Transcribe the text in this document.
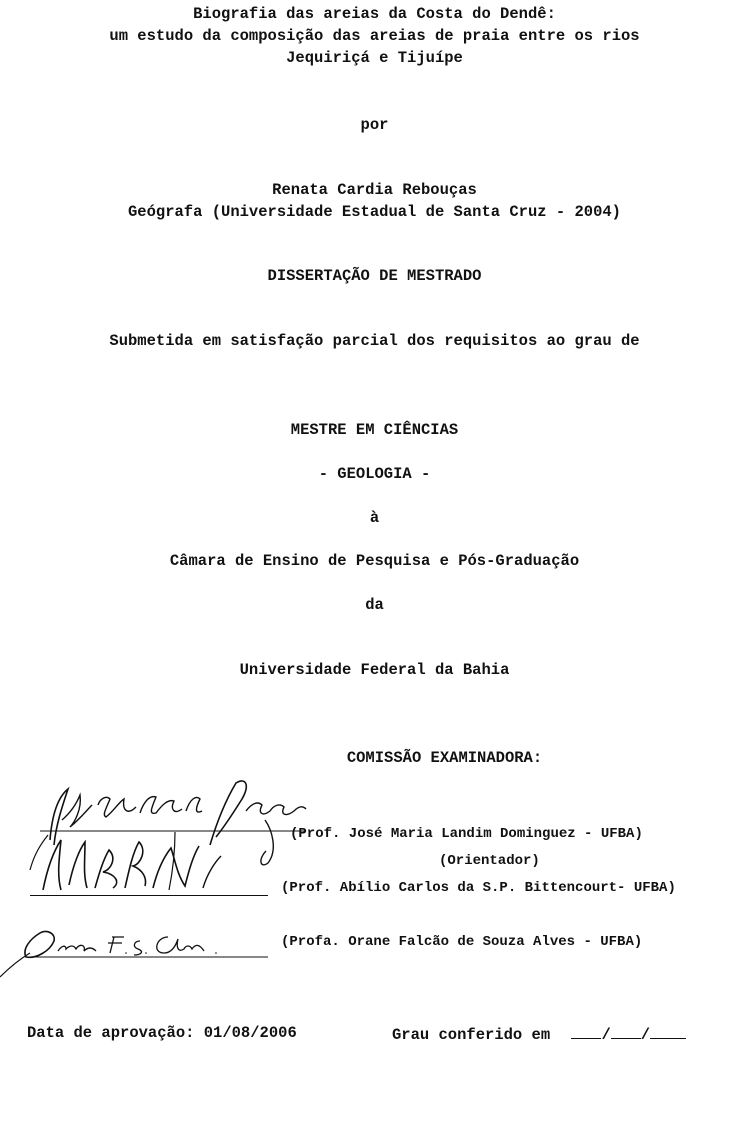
Biografia das areias da Costa do Dendê:
um estudo da composição das areias de praia entre os rios
Jequiriçá e Tijuípe
por
Renata Cardia Rebouças
Geógrafa (Universidade Estadual de Santa Cruz - 2004)
DISSERTAÇÃO DE MESTRADO
Submetida em satisfação parcial dos requisitos ao grau de
MESTRE EM CIÊNCIAS
- GEOLOGIA -
à
Câmara de Ensino de Pesquisa e Pós-Graduação
da
Universidade Federal da Bahia
COMISSÃO EXAMINADORA:
(Prof. José Maria Landim Dominguez - UFBA)
(Orientador)
(Prof. Abílio Carlos da S.P. Bittencourt- UFBA)
(Profa. Orane Falcão de Souza Alves - UFBA)
Data de aprovação: 01/08/2006	Grau conferido em	/ /
